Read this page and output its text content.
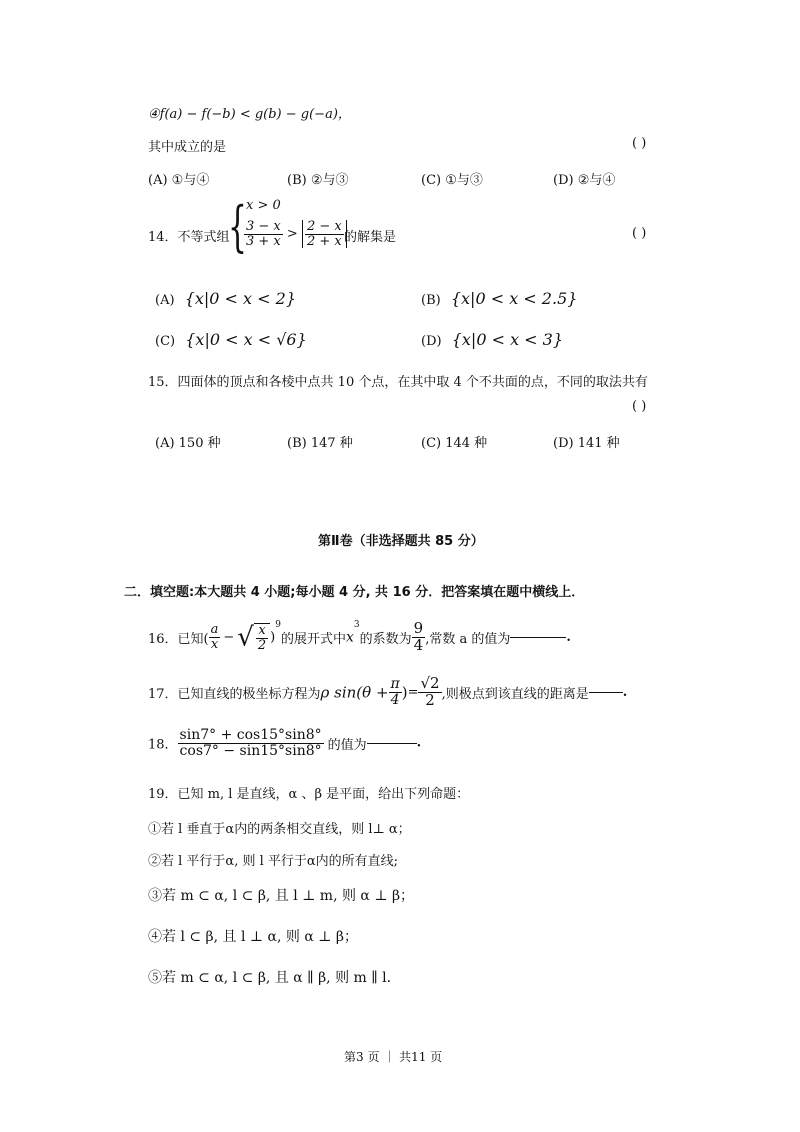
④f(a) − f(−b) < g(b) − g(−a)，
其中成立的是	( )
(A) ①与④	(B) ②与③	(C) ①与③	(D) ②与④
14．不等式组
{ x > 0
$\frac{3 - x}{3 + x} > \frac{2 - x}{2 + x}$ 的解集是	( )
(A) {x|0 < x < 2}	(B) {x|0 < x < 2.5}
(C) {x|0 < x < √6}	(D) {x|0 < x < 3}
15．四面体的顶点和各棱中点共 10 个点，在其中取 4 个不共面的点，不同的取法共有
( )
(A) 150 种	(B) 147 种	(C) 144 种	(D) 141 种
第Ⅱ卷（非选择题共 85 分）
二．填空题:本大题共 4 小题;每小题 4 分, 共 16 分．把答案填在题中横线上．
16．已知( $\frac{a}{x}$ − √ $\frac{x}{2} )^9$的展开式中$x^3$的系数为 $\frac{9}{4}$ ,常数 a 的值为	.
17．已知直线的极坐标方程为ρ $\sin(\theta + \frac{\pi}{4}$ )= $\frac{√2}{2}$ ,则极点到该直线的距离是	.
18． $\frac{\sin 7^\circ + \cos 15^\circ\sin 8^\circ}{\cos 7^\circ - \sin 15^\circ\sin 8^\circ}$ 的值为	.
19．已知 m, l 是直线，α 、β 是平面，给出下列命题：
①若 l 垂直于α内的两条相交直线，则 l⊥ α；
②若 l 平行于α, 则 l 平行于α内的所有直线;
③若 m ⊂ α, l ⊂ β, 且 l ⊥ m, 则 α ⊥ β；
④若 l ⊂ β, 且 l ⊥ α, 则 α ⊥ β；
⑤若 m ⊂ α, l ⊂ β, 且 α ∥ β, 则 m ∥ l.
第3 页 ｜ 共11 页
